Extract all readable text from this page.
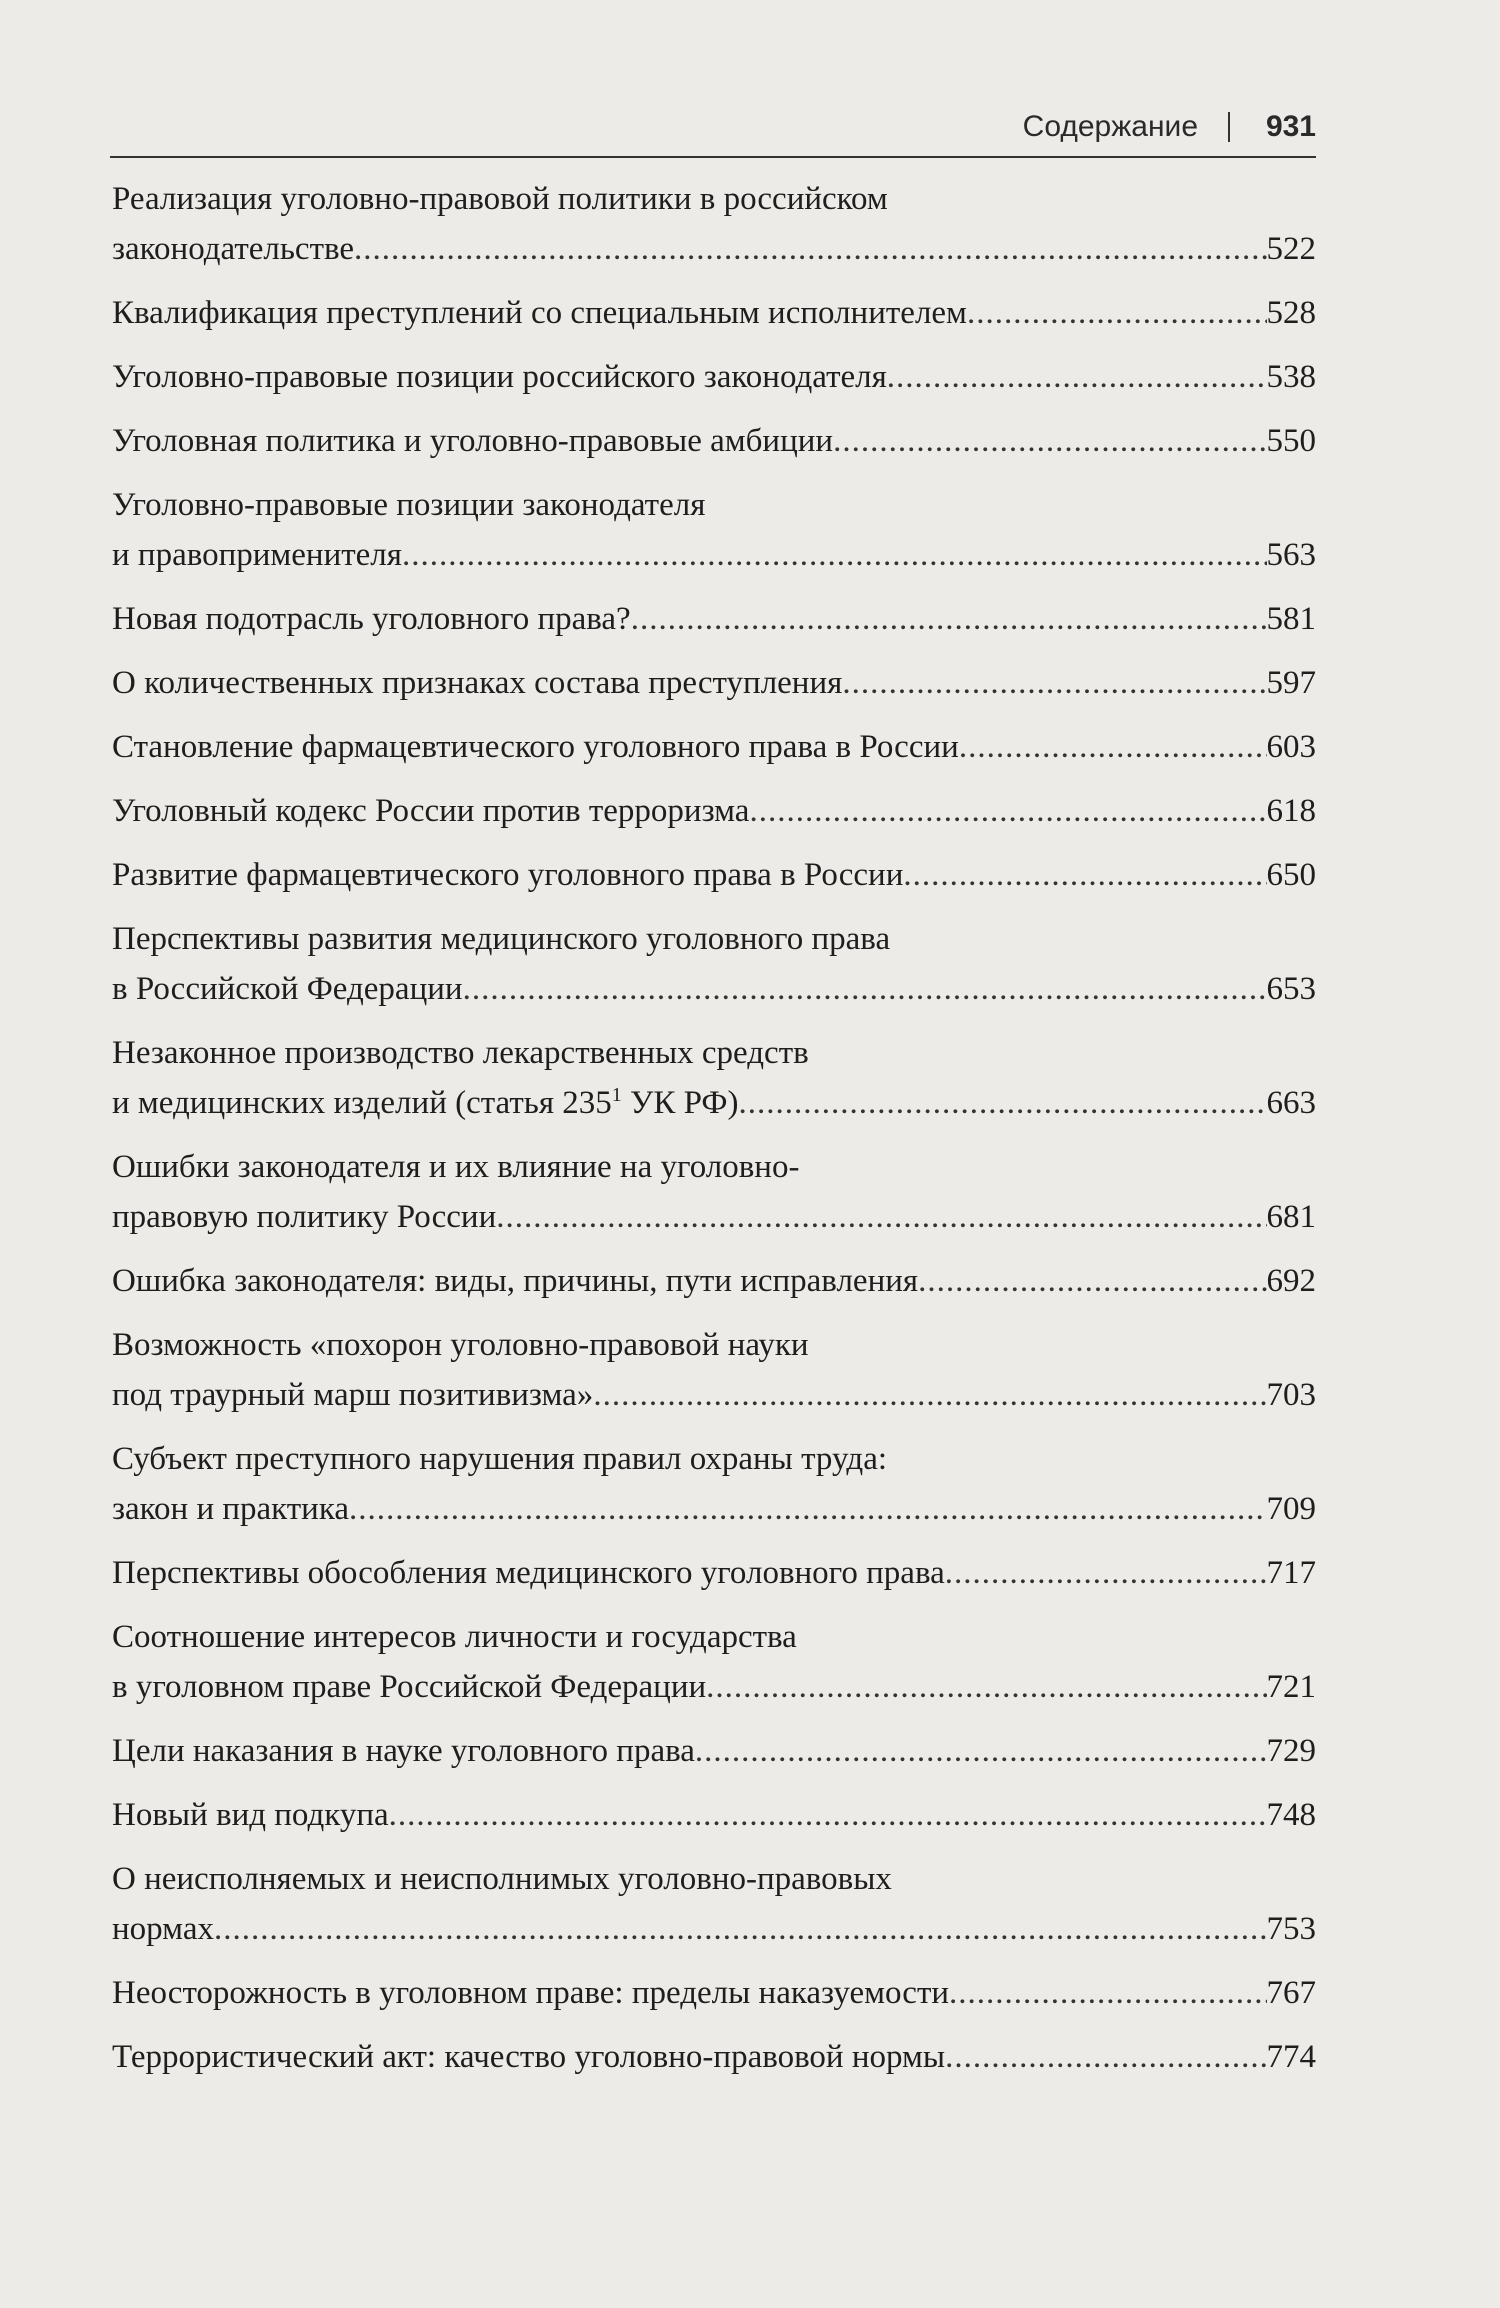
Содержание 931
Реализация уголовно-правовой политики в российском
законодательстве .....	522
Квалификация преступлений со специальным исполнителем .....	528
Уголовно-правовые позиции российского законодателя .....	538
Уголовная политика и уголовно-правовые амбиции .....	550
Уголовно-правовые позиции законодателя
и правоприменителя .....	563
Новая подотрасль уголовного права? .....	581
О количественных признаках состава преступления .....	597
Становление фармацевтического уголовного права в России .....	603
Уголовный кодекс России против терроризма .....	618
Развитие фармацевтического уголовного права в России .....	650
Перспективы развития медицинского уголовного права
в Российской Федерации .....	653
Незаконное производство лекарственных средств
и медицинских изделий (статья $235^1$ УК РФ) .....	663
Ошибки законодателя и их влияние на уголовно-
правовую политику России .....	681
Ошибка законодателя: виды, причины, пути исправления .....	692
Возможность «похорон уголовно-правовой науки
под траурный марш позитивизма» .....	703
Субъект преступного нарушения правил охраны труда:
закон и практика .....	709
Перспективы обособления медицинского уголовного права .....	717
Соотношение интересов личности и государства
в уголовном праве Российской Федерации .....	721
Цели наказания в науке уголовного права .....	729
Новый вид подкупа .....	748
О неисполняемых и неисполнимых уголовно-правовых
нормах .....	753
Неосторожность в уголовном праве: пределы наказуемости .....	767
Террористический акт: качество уголовно-правовой нормы .....	774
